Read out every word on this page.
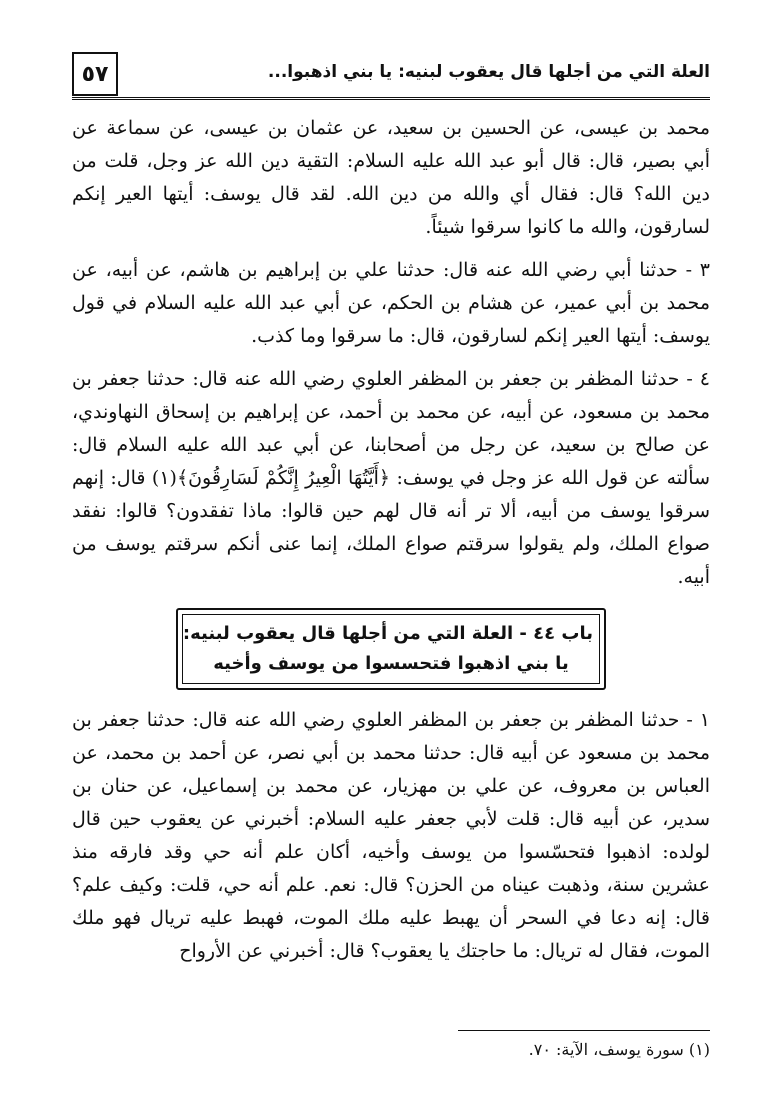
٥٧	العلة التي من أجلها قال يعقوب لبنيه: يا بني اذهبوا...

محمد بن عيسى، عن الحسين بن سعيد، عن عثمان بن عيسى، عن سماعة عن أبي بصير، قال: قال أبو عبد الله عليه السلام: التقية دين الله عز وجل، قلت من دين الله؟ قال: فقال أي والله من دين الله. لقد قال يوسف: أيتها العير إنكم لسارقون، والله ما كانوا سرقوا شيئاً.

٣ - حدثنا أبي رضي الله عنه قال: حدثنا علي بن إبراهيم بن هاشم، عن أبيه، عن محمد بن أبي عمير، عن هشام بن الحكم، عن أبي عبد الله عليه السلام في قول يوسف: أيتها العير إنكم لسارقون، قال: ما سرقوا وما كذب.

٤ - حدثنا المظفر بن جعفر بن المظفر العلوي رضي الله عنه قال: حدثنا جعفر بن محمد بن مسعود، عن أبيه، عن محمد بن أحمد، عن إبراهيم بن إسحاق النهاوندي، عن صالح بن سعيد، عن رجل من أصحابنا، عن أبي عبد الله عليه السلام قال: سألته عن قول الله عز وجل في يوسف: ﴿أَيَّتُهَا الْعِيرُ إِنَّكُمْ لَسَارِقُونَ﴾(١) قال: إنهم سرقوا يوسف من أبيه، ألا تر أنه قال لهم حين قالوا: ماذا تفقدون؟ قالوا: نفقد صواع الملك، ولم يقولوا سرقتم صواع الملك، إنما عنى أنكم سرقتم يوسف من أبيه.

باب ٤٤ - العلة التي من أجلها قال يعقوب لبنيه:
يا بني اذهبوا فتحسسوا من يوسف وأخيه

١ - حدثنا المظفر بن جعفر بن المظفر العلوي رضي الله عنه قال: حدثنا جعفر بن محمد بن مسعود عن أبيه قال: حدثنا محمد بن أبي نصر، عن أحمد بن محمد، عن العباس بن معروف، عن علي بن مهزيار، عن محمد بن إسماعيل، عن حنان بن سدير، عن أبيه قال: قلت لأبي جعفر عليه السلام: أخبرني عن يعقوب حين قال لولده: اذهبوا فتحسّسوا من يوسف وأخيه، أكان علم أنه حي وقد فارقه منذ عشرين سنة، وذهبت عيناه من الحزن؟ قال: نعم. علم أنه حي، قلت: وكيف علم؟ قال: إنه دعا في السحر أن يهبط عليه ملك الموت، فهبط عليه تريال فهو ملك الموت، فقال له تريال: ما حاجتك يا يعقوب؟ قال: أخبرني عن الأرواح

(١) سورة يوسف، الآية: ٧٠.
